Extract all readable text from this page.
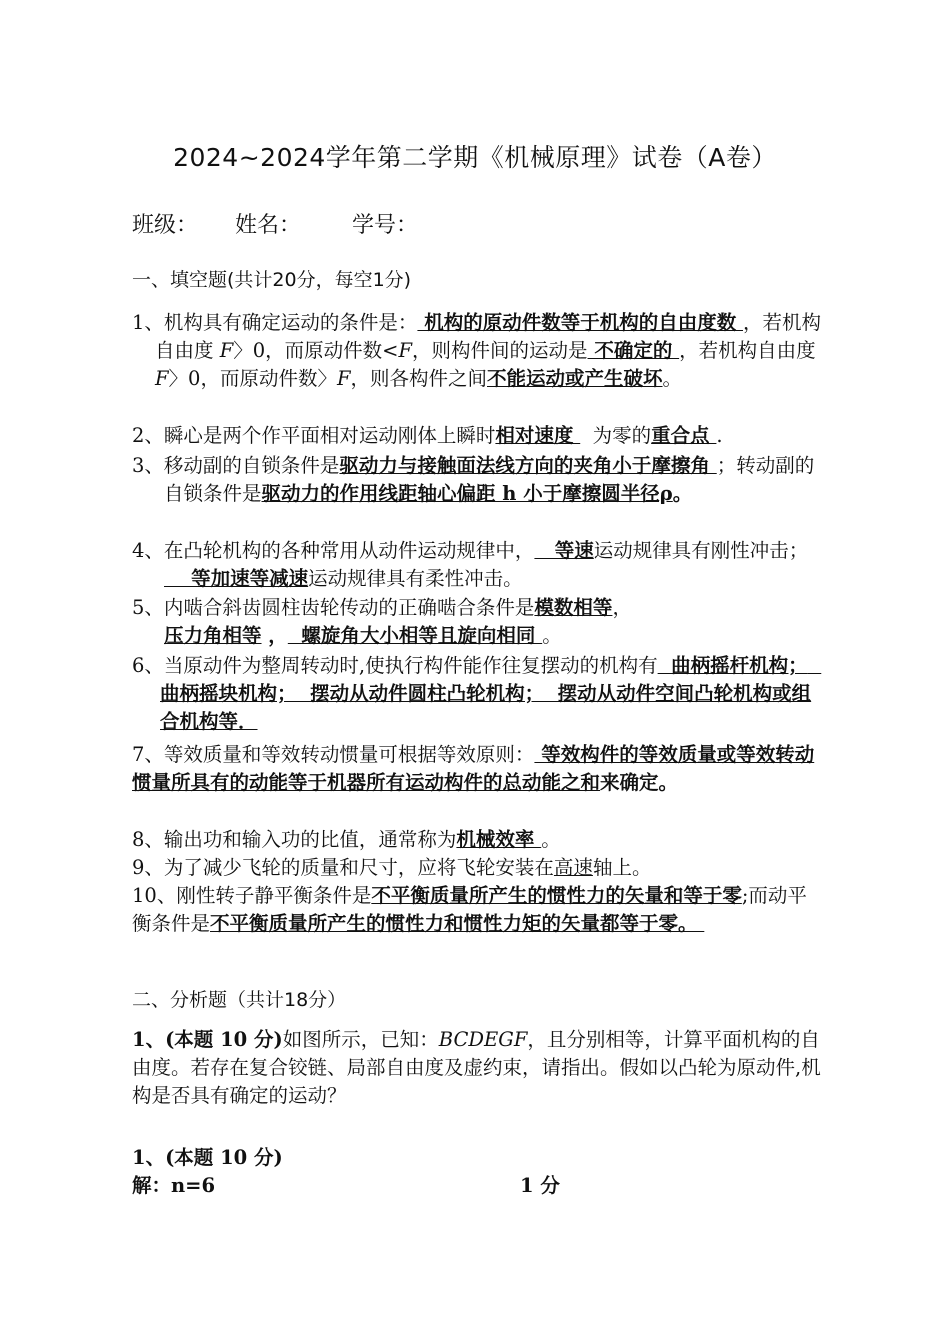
2024~2024学年第二学期《机械原理》试卷（A卷）
班级： 姓名： 学号：
一、填空题(共计20分，每空1分)
1、机构具有确定运动的条件是： 机构的原动件数等于机构的自由度数 ，若机构自由度 F〉0，而原动件数<F，则构件间的运动是 不确定的 ，若机构自由度 F〉0，而原动件数〉F，则各构件之间不能运动或产生破坏。
2、瞬心是两个作平面相对运动刚体上瞬时相对速度   为零的重合点 .
3、移动副的自锁条件是驱动力与接触面法线方向的夹角小于摩擦角 ；转动副的自锁条件是驱动力的作用线距轴心偏距 h 小于摩擦圆半径ρ。
4、在凸轮机构的各种常用从动件运动规律中，   等速运动规律具有刚性冲击；    等加速等减速运动规律具有柔性冲击。
5、内啮合斜齿圆柱齿轮传动的正确啮合条件是模数相等，
压力角相等 ，  螺旋角大小相等且旋向相同 。
6、当原动件为整周转动时,使执行构件能作往复摆动的机构有  曲柄摇杆机构；  曲柄摇块机构；  摆动从动件圆柱凸轮机构；  摆动从动件空间凸轮机构或组合机构等．
7、等效质量和等效转动惯量可根据等效原则： 等效构件的等效质量或等效转动惯量所具有的动能等于机器所有运动构件的总动能之和来确定。
8、输出功和输入功的比值，通常称为机械效率 。
9、为了减少飞轮的质量和尺寸，应将飞轮安装在高速轴上。
10、刚性转子静平衡条件是不平衡质量所产生的惯性力的矢量和等于零;而动平衡条件是不平衡质量所产生的惯性力和惯性力矩的矢量都等于零。
二、分析题（共计18分）
1、(本题 10 分)如图所示，已知：BCDEGF，且分别相等，计算平面机构的自由度。若存在复合铰链、局部自由度及虚约束，请指出。假如以凸轮为原动件,机构是否具有确定的运动？
1、(本题 10 分)
解：n=6	1 分
